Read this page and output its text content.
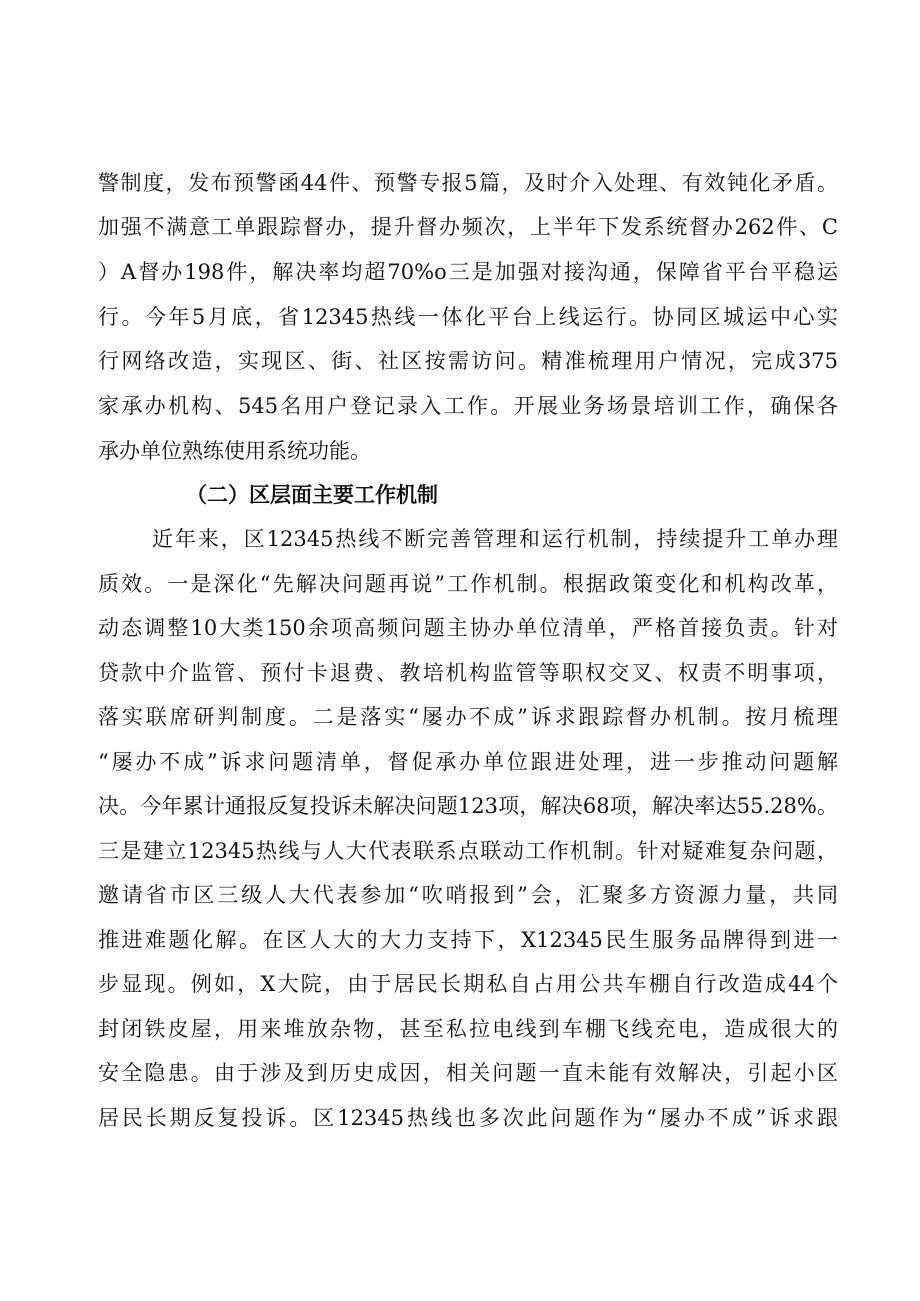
警制度，发布预警函44件、预警专报5篇，及时介入处理、有效钝化矛盾。
加强不满意工单跟踪督办，提升督办频次，上半年下发系统督办262件、C
）A督办198件，解决率均超70%o三是加强对接沟通，保障省平台平稳运
行。今年5月底，省12345热线一体化平台上线运行。协同区城运中心实
行网络改造，实现区、街、社区按需访问。精准梳理用户情况，完成375
家承办机构、545名用户登记录入工作。开展业务场景培训工作，确保各
承办单位熟练使用系统功能。
（二）区层面主要工作机制
近年来，区12345热线不断完善管理和运行机制，持续提升工单办理
质效。一是深化“先解决问题再说”工作机制。根据政策变化和机构改革，
动态调整10大类150余项高频问题主协办单位清单，严格首接负责。针对
贷款中介监管、预付卡退费、教培机构监管等职权交叉、权责不明事项，
落实联席研判制度。二是落实“屡办不成”诉求跟踪督办机制。按月梳理
“屡办不成”诉求问题清单，督促承办单位跟进处理，进一步推动问题解
决。今年累计通报反复投诉未解决问题123项，解决68项，解决率达55.28%。
三是建立12345热线与人大代表联系点联动工作机制。针对疑难复杂问题，
邀请省市区三级人大代表参加“吹哨报到”会，汇聚多方资源力量，共同
推进难题化解。在区人大的大力支持下，X12345民生服务品牌得到进一
步显现。例如，X大院，由于居民长期私自占用公共车棚自行改造成44个
封闭铁皮屋，用来堆放杂物，甚至私拉电线到车棚飞线充电，造成很大的
安全隐患。由于涉及到历史成因，相关问题一直未能有效解决，引起小区
居民长期反复投诉。区12345热线也多次此问题作为“屡办不成”诉求跟
